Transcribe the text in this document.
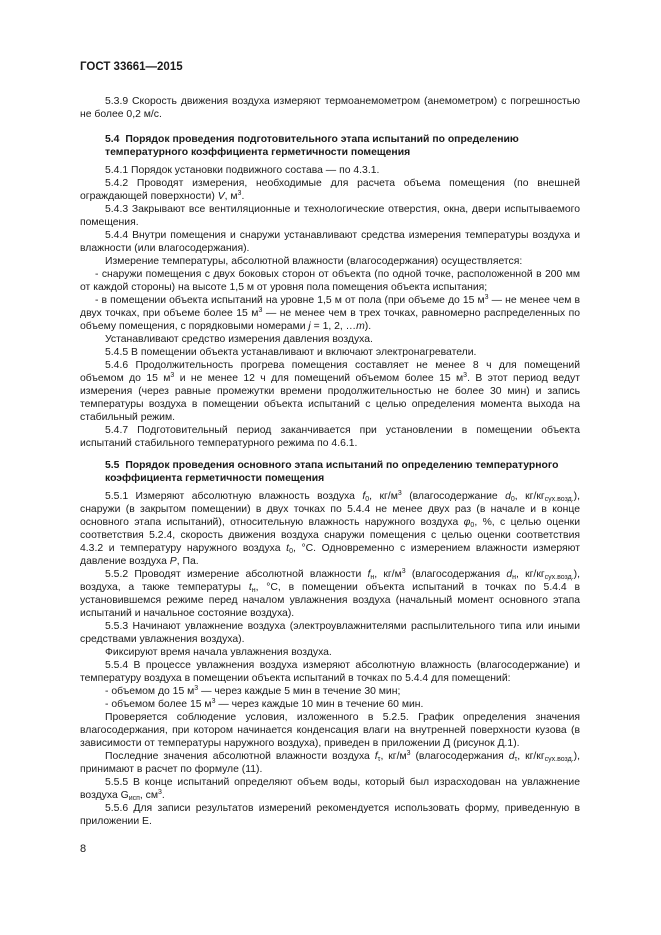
ГОСТ 33661—2015

5.3.9 Скорость движения воздуха измеряют термоанемометром (анемометром) с погрешностью не более 0,2 м/с.

5.4 Порядок проведения подготовительного этапа испытаний по определению температурного коэффициента герметичности помещения

5.4.1 Порядок установки подвижного состава — по 4.3.1.

5.4.2 Проводят измерения, необходимые для расчета объема помещения (по внешней ограждающей поверхности) V, $м^3$.

5.4.3 Закрывают все вентиляционные и технологические отверстия, окна, двери испытываемого помещения.

5.4.4 Внутри помещения и снаружи устанавливают средства измерения температуры воздуха и влажности (или влагосодержания).

Измерение температуры, абсолютной влажности (влагосодержания) осуществляется:

- снаружи помещения с двух боковых сторон от объекта (по одной точке, расположенной в 200 мм от каждой стороны) на высоте 1,5 м от уровня пола помещения объекта испытания;

- в помещении объекта испытаний на уровне 1,5 м от пола (при объеме до 15 $м^3$ — не менее чем в двух точках, при объеме более 15 $м^3$ — не менее чем в трех точках, равномерно распределенных по объему помещения, с порядковыми номерами j = 1, 2, …m).

Устанавливают средство измерения давления воздуха.

5.4.5 В помещении объекта устанавливают и включают электронагреватели.

5.4.6 Продолжительность прогрева помещения составляет не менее 8 ч для помещений объемом до 15 $м^3$ и не менее 12 ч для помещений объемом более 15 $м^3$. В этот период ведут измерения (через равные промежутки времени продолжительностью не более 30 мин) и запись температуры воздуха в помещении объекта испытаний с целью определения момента выхода на стабильный режим.

5.4.7 Подготовительный период заканчивается при установлении в помещении объекта испытаний стабильного температурного режима по 4.6.1.

5.5 Порядок проведения основного этапа испытаний по определению температурного коэффициента герметичности помещения

5.5.1 Измеряют абсолютную влажность воздуха $f_0$, $кг/м^3$ (влагосодержание $d_0$, $кг/кг_{сух.возд.}$), снаружи (в закрытом помещении) в двух точках по 5.4.4 не менее двух раз (в начале и в конце основного этапа испытаний), относительную влажность наружного воздуха $\varphi_0$, %, с целью оценки соответствия 5.2.4, скорость движения воздуха снаружи помещения с целью оценки соответствия 4.3.2 и температуру наружного воздуха $t_0$, °С. Одновременно с измерением влажности измеряют давление воздуха P, Па.

5.5.2 Проводят измерение абсолютной влажности $f_н$, $кг/м^3$ (влагосодержания $d_н$, $кг/кг_{сух.возд.}$), воздуха, а также температуры $t_н$, °С, в помещении объекта испытаний в точках по 5.4.4 в установившемся режиме перед началом увлажнения воздуха (начальный момент основного этапа испытаний и начальное состояние воздуха).

5.5.3 Начинают увлажнение воздуха (электроувлажнителями распылительного типа или иными средствами увлажнения воздуха).

Фиксируют время начала увлажнения воздуха.

5.5.4 В процессе увлажнения воздуха измеряют абсолютную влажность (влагосодержание) и температуру воздуха в помещении объекта испытаний в точках по 5.4.4 для помещений:

- объемом до 15 $м^3$ — через каждые 5 мин в течение 30 мин;

- объемом более 15 $м^3$ — через каждые 10 мин в течение 60 мин.

Проверяется соблюдение условия, изложенного в 5.2.5. График определения значения влагосодержания, при котором начинается конденсация влаги на внутренней поверхности кузова (в зависимости от температуры наружного воздуха), приведен в приложении Д (рисунок Д.1).

Последние значения абсолютной влажности воздуха $f_\tau$, $кг/м^3$ (влагосодержания $d_\tau$, $кг/кг_{сух.возд.}$), принимают в расчет по формуле (11).

5.5.5 В конце испытаний определяют объем воды, который был израсходован на увлажнение воздуха $G_{исп}$, $см^3$.

5.5.6 Для записи результатов измерений рекомендуется использовать форму, приведенную в приложении Е.

8
